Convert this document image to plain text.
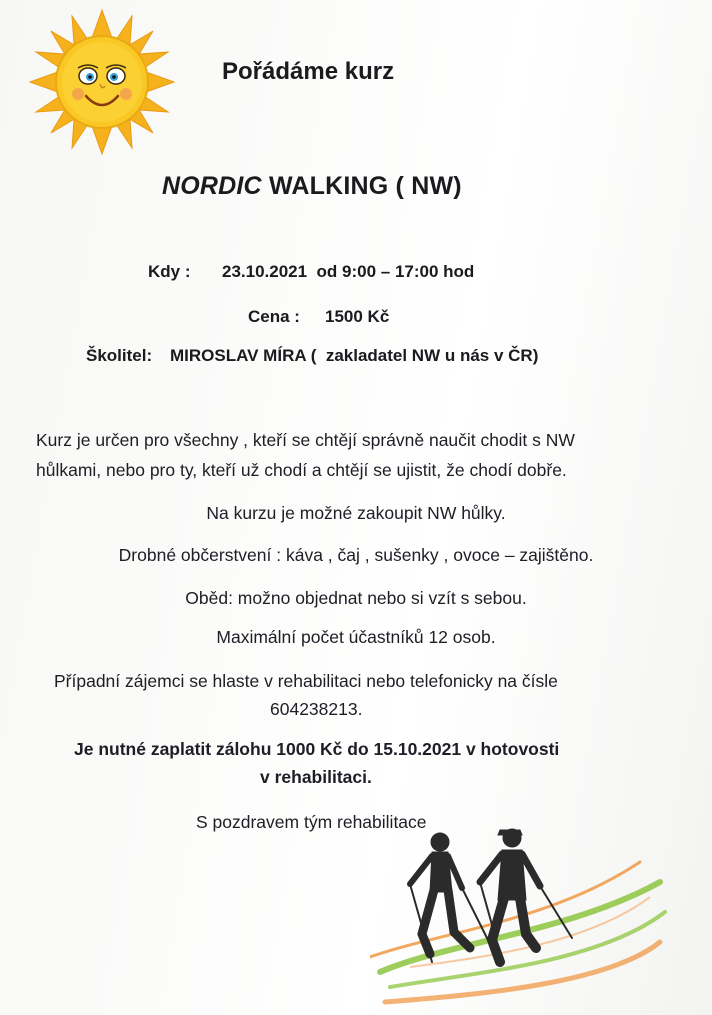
Pořádáme kurz
NORDIC WALKING ( NW)
Kdy : 23.10.2021  od 9:00 – 17:00 hod
Cena : 1500 Kč
Školitel: MIROSLAV MÍRA (  zakladatel NW u nás v ČR)
Kurz je určen pro všechny , kteří se chtějí správně naučit chodit s NW
hůlkami, nebo pro ty, kteří už chodí a chtějí se ujistit, že chodí dobře.
Na kurzu je možné zakoupit NW hůlky.
Drobné občerstvení : káva , čaj , sušenky , ovoce – zajištěno.
Oběd: možno objednat nebo si vzít s sebou.
Maximální počet účastníků 12 osob.
Případní zájemci se hlaste v rehabilitaci nebo telefonicky na čísle
604238213.
Je nutné zaplatit zálohu 1000 Kč do 15.10.2021 v hotovosti
v rehabilitaci.
S pozdravem tým rehabilitace
